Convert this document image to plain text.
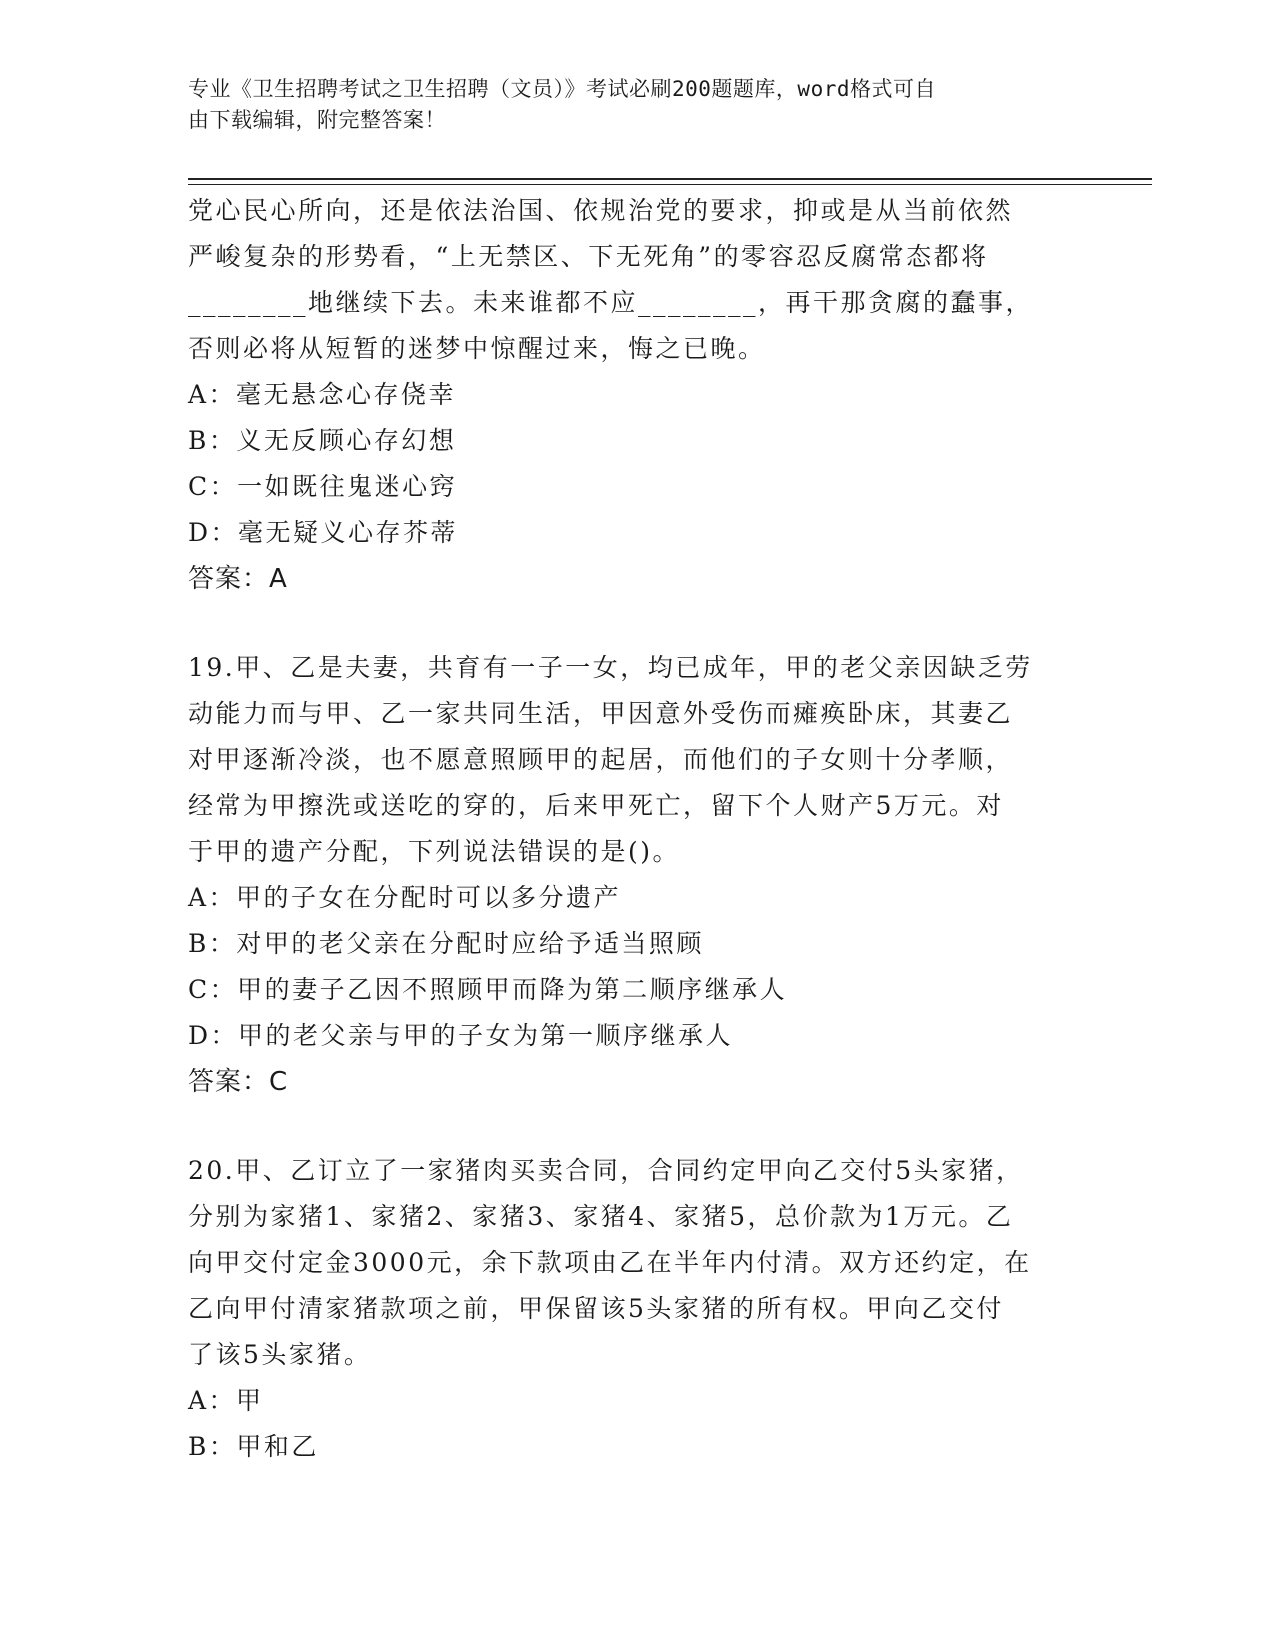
专业《卫生招聘考试之卫生招聘（文员）》考试必刷200题题库，word格式可自
由下载编辑，附完整答案！
党心民心所向，还是依法治国、依规治党的要求，抑或是从当前依然
严峻复杂的形势看，“上无禁区、下无死角”的零容忍反腐常态都将
________地继续下去。未来谁都不应________，再干那贪腐的蠢事，
否则必将从短暂的迷梦中惊醒过来，悔之已晚。
A：毫无悬念心存侥幸
B：义无反顾心存幻想
C：一如既往鬼迷心窍
D：毫无疑义心存芥蒂
答案：A
19.甲、乙是夫妻，共育有一子一女，均已成年，甲的老父亲因缺乏劳
动能力而与甲、乙一家共同生活，甲因意外受伤而瘫痪卧床，其妻乙
对甲逐渐冷淡，也不愿意照顾甲的起居，而他们的子女则十分孝顺，
经常为甲擦洗或送吃的穿的，后来甲死亡，留下个人财产5万元。对
于甲的遗产分配，下列说法错误的是()。
A：甲的子女在分配时可以多分遗产
B：对甲的老父亲在分配时应给予适当照顾
C：甲的妻子乙因不照顾甲而降为第二顺序继承人
D：甲的老父亲与甲的子女为第一顺序继承人
答案：C
20.甲、乙订立了一家猪肉买卖合同，合同约定甲向乙交付5头家猪，
分别为家猪1、家猪2、家猪3、家猪4、家猪5，总价款为1万元。乙
向甲交付定金3000元，余下款项由乙在半年内付清。双方还约定，在
乙向甲付清家猪款项之前，甲保留该5头家猪的所有权。甲向乙交付
了该5头家猪。
A：甲
B：甲和乙
